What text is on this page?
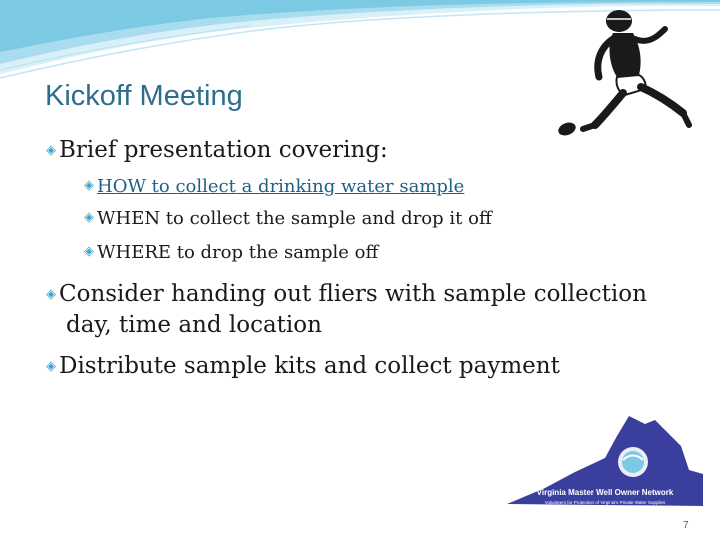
Kickoff Meeting
◈ Brief presentation covering:
◈ HOW to collect a drinking water sample
◈ WHEN to collect the sample and drop it off
◈ WHERE to drop the sample off
◈ Consider handing out fliers with sample collection
day, time and location
◈ Distribute sample kits and collect payment
Virginia Master Well Owner Network
Volunteers for Protection of Virginia's Private Water Supplies
7
